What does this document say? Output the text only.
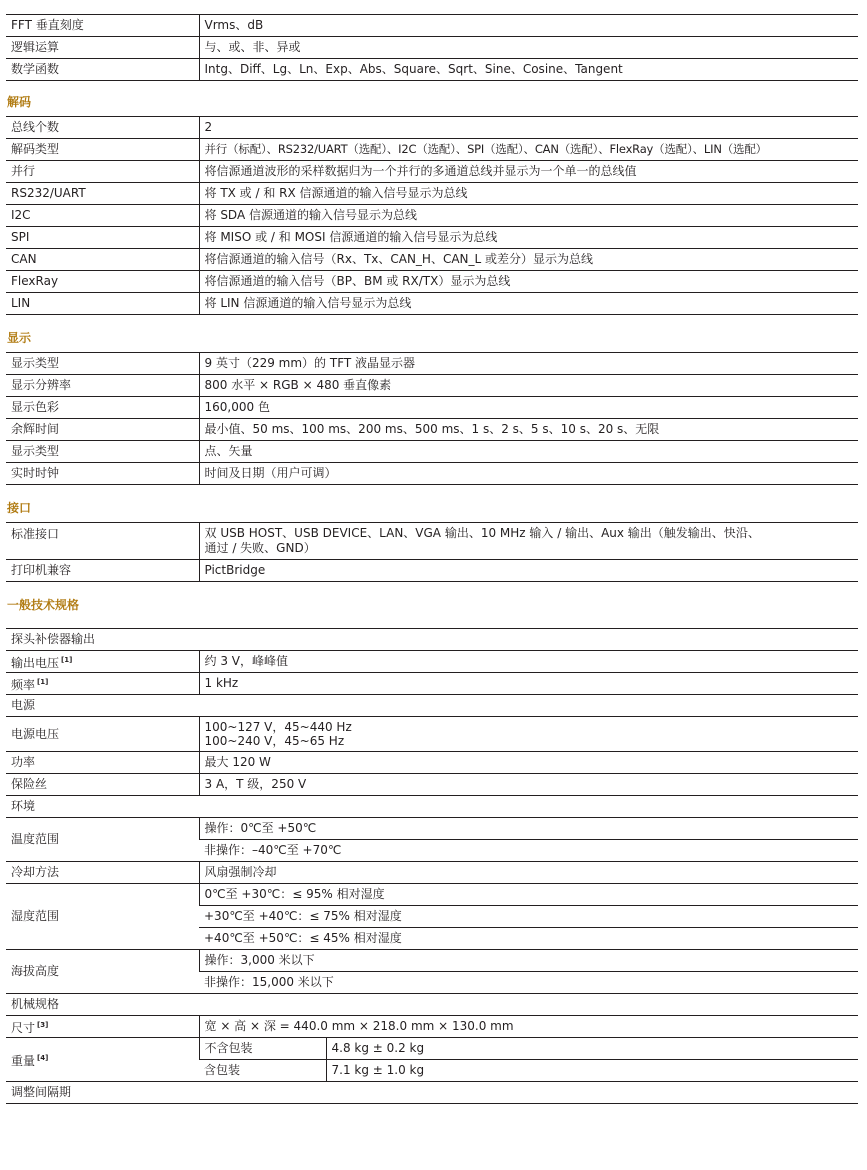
FFT 垂直刻度	Vrms、dB
逻辑运算	与、或、非、异或
数学函数	Intg、Diff、Lg、Ln、Exp、Abs、Square、Sqrt、Sine、Cosine、Tangent
解码
总线个数	2
解码类型	并行（标配）、RS232/UART（选配）、I2C（选配）、SPI（选配）、CAN（选配）、FlexRay（选配）、LIN（选配）
并行	将信源通道波形的采样数据归为一个并行的多通道总线并显示为一个单一的总线值
RS232/UART	将 TX 或 / 和 RX 信源通道的输入信号显示为总线
I2C	将 SDA 信源通道的输入信号显示为总线
SPI	将 MISO 或 / 和 MOSI 信源通道的输入信号显示为总线
CAN	将信源通道的输入信号（Rx、Tx、CAN_H、CAN_L 或差分）显示为总线
FlexRay	将信源通道的输入信号（BP、BM 或 RX/TX）显示为总线
LIN	将 LIN 信源通道的输入信号显示为总线
显示
显示类型	9 英寸（229 mm）的 TFT 液晶显示器
显示分辨率	800 水平 × RGB × 480 垂直像素
显示色彩	160,000 色
余辉时间	最小值、50 ms、100 ms、200 ms、500 ms、1 s、2 s、5 s、10 s、20 s、无限
显示类型	点、矢量
实时时钟	时间及日期（用户可调）
接口
标准接口	双 USB HOST、USB DEVICE、LAN、VGA 输出、10 MHz 输入 / 输出、Aux 输出（触发输出、快沿、
通过 / 失败、GND）

打印机兼容	PictBridge
一般技术规格
探头补偿器输出		
输出电压 [1]	约 3 V，峰峰值	
频率 [1]	1 kHz	
电源		
电源电压	100~127 V，45~440 Hz
100~240 V，45~65 Hz	

功率	最大 120 W	
保险丝	3 A，T 级，250 V	
环境		
温度范围	操作：0℃至 +50℃	
	非操作：–40℃至 +70℃	
冷却方法	风扇强制冷却	
湿度范围	0℃至 +30℃：≤ 95% 相对湿度	
	+30℃至 +40℃：≤ 75% 相对湿度	
	+40℃至 +50℃：≤ 45% 相对湿度	
海拔高度	操作：3,000 米以下	
	非操作：15,000 米以下	
机械规格		
尺寸 [3]	宽 × 高 × 深 = 440.0 mm × 218.0 mm × 130.0 mm	
重量 [4]	不含包装	4.8 kg ± 0.2 kg
	含包装	7.1 kg ± 1.0 kg
调整间隔期		
